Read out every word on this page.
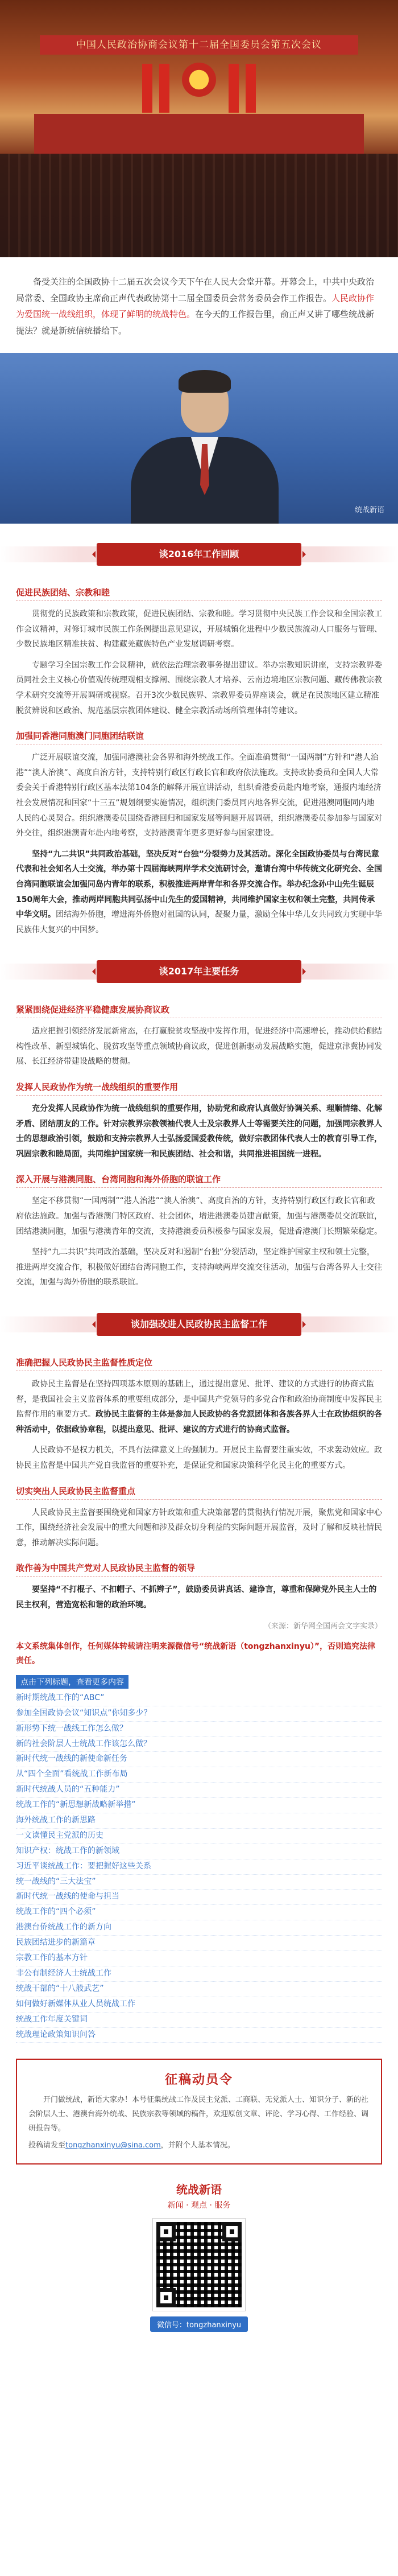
中国人民政治协商会议第十二届全国委员会第五次会议

备受关注的全国政协十二届五次会议今天下午在人民大会堂开幕。开幕会上，中共中央政治局常委、全国政协主席俞正声代表政协第十二届全国委员会常务委员会作工作报告。人民政协作为爱国统一战线组织，体现了鲜明的统战特色。在今天的工作报告里，俞正声又讲了哪些统战新提法？就是新统信统播给下。

统战新语
谈2016年工作回顾
促进民族团结、宗教和睦

贯彻党的民族政策和宗教政策，促进民族团结、宗教和睦。学习贯彻中央民族工作会议和全国宗教工作会议精神，对修订城市民族工作条例提出意见建议，开展城镇化进程中少数民族流动人口服务与管理、少数民族地区精准扶贫、构建藏羌藏族特色产业发展调研考察。

专题学习全国宗教工作会议精神，就依法治理宗教事务提出建议。举办宗教知识讲座，支持宗教界委员同社会主义核心价值观传统理观相支撑阐、围绕宗教人才培养、云南边境地区宗教问题、藏传佛教宗教学术研究交流等开展调研或视察。召开3次少数民族界、宗教界委员界座谈会，就足在民族地区建立精准脱贫辨说和区政治、规范基层宗教团体建设、健全宗教活动场所管理体制等建议。

加强同香港同胞澳门同胞团结联谊

广泛开展联谊交流，加强同港澳社会各界和海外统战工作。全面准确贯彻“一国两制”方针和“港人治港”“澳人治澳”、高度自治方针，支持特别行政区行政长官和政府依法施政。支持政协委员和全国人大常委会关于香港特别行政区基本法第104条的解释开展宣讲活动，组织香港委员赴内地考察，通报内地经济社会发展情况和国家“十三五”规划纲要实施情况，组织澳门委员同内地各界交流，促进港澳同胞同内地人民的心灵契合。组织港澳委员围绕香港回归和国家发展等问题开展调研，组织港澳委员参加参与国家对外交往，组织港澳青年赴内地考察，支持港澳青年更多更好参与国家建设。

坚持“九二共识”共同政治基础，坚决反对“台独”分裂势力及其活动。深化全国政协委员与台湾民意代表和社会知名人士交流，举办第十四届海峡两岸学术交流研讨会，邀请台湾中华传统文化研究会、全国台湾同胞联谊会加强同岛内青年的联系，积极推进两岸青年和各界交流合作。举办纪念孙中山先生诞辰150周年大会，推动两岸同胞共同弘扬中山先生的爱国精神，共同维护国家主权和领土完整，共同传承中华文明。团结海外侨胞，增进海外侨胞对祖国的认同，凝聚力量，激励全体中华儿女共同致力实现中华民族伟大复兴的中国梦。

谈2017年主要任务
紧紧围绕促进经济平稳健康发展协商议政

适应把握引领经济发展新常态，在打赢脱贫攻坚战中发挥作用，促进经济中高速增长，推动供给侧结构性改革、新型城镇化、脱贫攻坚等重点领域协商议政，促进创新驱动发展战略实施，促进京津冀协同发展、长江经济带建设战略的贯彻。

发挥人民政协作为统一战线组织的重要作用

充分发挥人民政协作为统一战线组织的重要作用，协助党和政府认真做好协调关系、理顺情绪、化解矛盾、团结朋友的工作。针对宗教界宗教领袖代表人士及宗教界人士等需要关注的问题，加强同宗教界人士的思想政治引领，鼓励和支持宗教界人士弘扬爱国爱教传统，做好宗教团体代表人士的教育引导工作，巩固宗教和睦局面，共同维护国家统一和民族团结、社会和谐，共同推进祖国统一进程。

深入开展与港澳同胞、台湾同胞和海外侨胞的联谊工作

坚定不移贯彻“一国两制”“港人治港”“澳人治澳”、高度自治的方针，支持特别行政区行政长官和政府依法施政。加强与香港澳门特区政府、社会团体，增进港澳委员建言献策，加强与港澳委员交流联谊，团结港澳同胞，加强与港澳青年的交流，支持港澳委员积极参与国家发展，促进香港澳门长期繁荣稳定。

坚持“九二共识”共同政治基础，坚决反对和遏制“台独”分裂活动，坚定维护国家主权和领土完整，推进两岸交流合作，积极做好团结台湾同胞工作，支持海峡两岸交流交往活动，加强与台湾各界人士交往交流，加强与海外侨胞的联系联谊。

谈加强改进人民政协民主监督工作
准确把握人民政协民主监督性质定位

政协民主监督是在坚持四项基本原则的基础上，通过提出意见、批评、建议的方式进行的协商式监督，是我国社会主义监督体系的重要组成部分，是中国共产党领导的多党合作和政治协商制度中发挥民主监督作用的重要方式。政协民主监督的主体是参加人民政协的各党派团体和各族各界人士在政协组织的各种活动中，依据政协章程，以提出意见、批评、建议的方式进行的协商式监督。

人民政协不是权力机关，不具有法律意义上的强制力。开展民主监督要注重实效，不求轰动效应。政协民主监督是中国共产党自我监督的重要补充，是保证党和国家决策科学化民主化的重要方式。

切实突出人民政协民主监督重点

人民政协民主监督要围绕党和国家方针政策和重大决策部署的贯彻执行情况开展，聚焦党和国家中心工作，围绕经济社会发展中的重大问题和涉及群众切身利益的实际问题开展监督，及时了解和反映社情民意，推动解决实际问题。

敢作善为中国共产党对人民政协民主监督的领导

要坚持“不打棍子、不扣帽子、不抓辫子”，鼓励委员讲真话、建诤言，尊重和保障党外民主人士的民主权利，营造宽松和谐的政治环境。

（来源：新华网全国两会文字实录）
本文系统集体创作，任何媒体转载请注明来源微信号“统战新语（tongzhanxinyu）”，否则追究法律责任。
点击下列标题，查看更多内容
新时期统战工作的“ABC”
参加全国政协会议“知识点”你知多少？
新形势下统一战线工作怎么做？
新的社会阶层人士统战工作该怎么做？
新时代统一战线的新使命新任务
从“四个全面”看统战工作新布局
新时代统战人员的“五种能力”
统战工作的“新思想新战略新举措”
海外统战工作的新思路
一文读懂民主党派的历史
知识产权：统战工作的新领域
习近平谈统战工作：要把握好这些关系
统一战线的“三大法宝”
新时代统一战线的使命与担当
统战工作的“四个必须”
港澳台侨统战工作的新方向
民族团结进步的新篇章
宗教工作的基本方针
非公有制经济人士统战工作
统战干部的“十八般武艺”
如何做好新媒体从业人员统战工作
统战工作年度关键词
统战理论政策知识问答
征稿动员令

开门做统战，新语大家办！本号征集统战工作及民主党派、工商联、无党派人士、知识分子、新的社会阶层人士、港澳台海外统战、民族宗教等领域的稿件，欢迎原创文章、评论、学习心得、工作经验、调研报告等。

投稿请发至tongzhanxinyu@sina.com，并附个人基本情况。
统战新语
新闻 · 观点 · 服务
微信号：tongzhanxinyu
